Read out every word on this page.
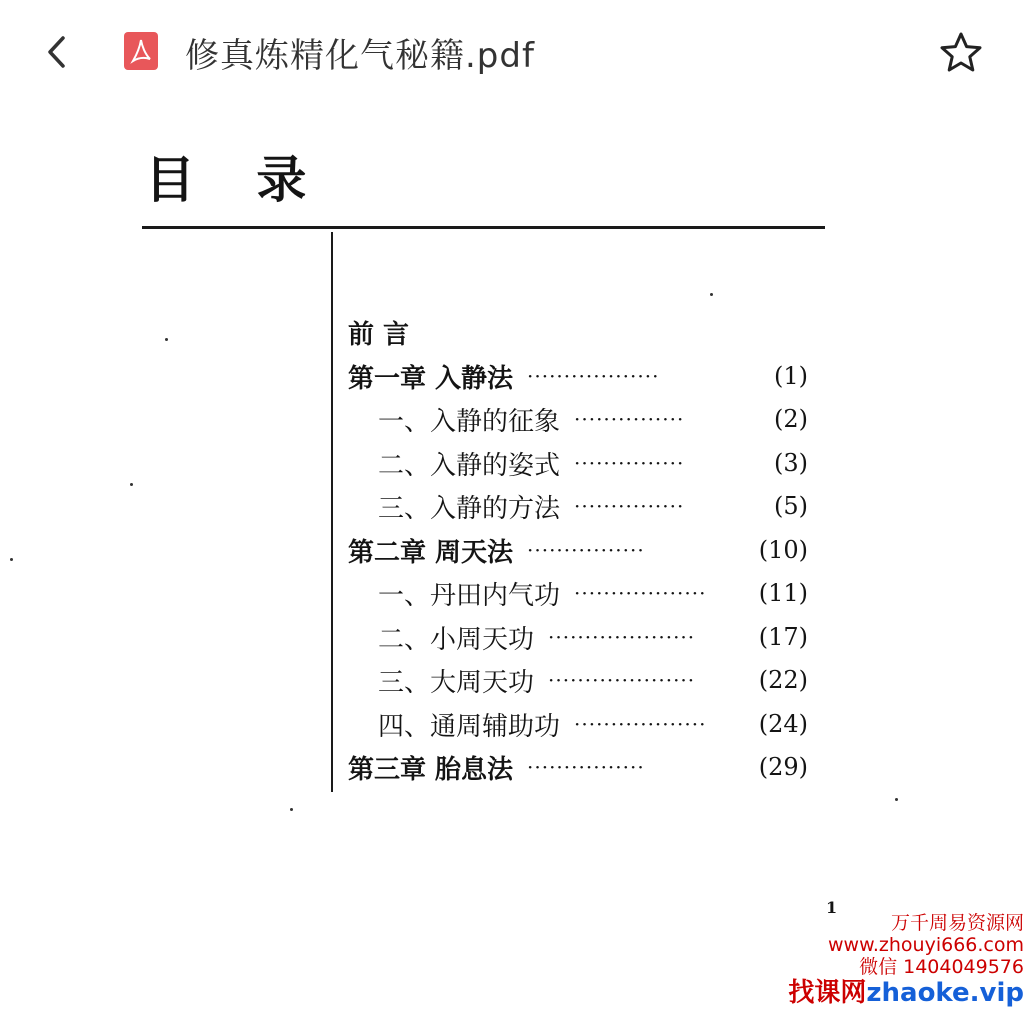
修真炼精化气秘籍.pdf
目 录
前 言
第一章 入静法 ··················	(1)
一、入静的征象 ···············	(2)
二、入静的姿式 ···············	(3)
三、入静的方法 ···············	(5)
第二章 周天法 ················	(10)
一、丹田内气功 ··················	(11)
二、小周天功 ····················	(17)
三、大周天功 ····················	(22)
四、通周辅助功 ··················	(24)
第三章 胎息法 ················	(29)
1
万千周易资源网
www.zhouyi666.com
微信 1404049576
找课网zhaoke.vip
